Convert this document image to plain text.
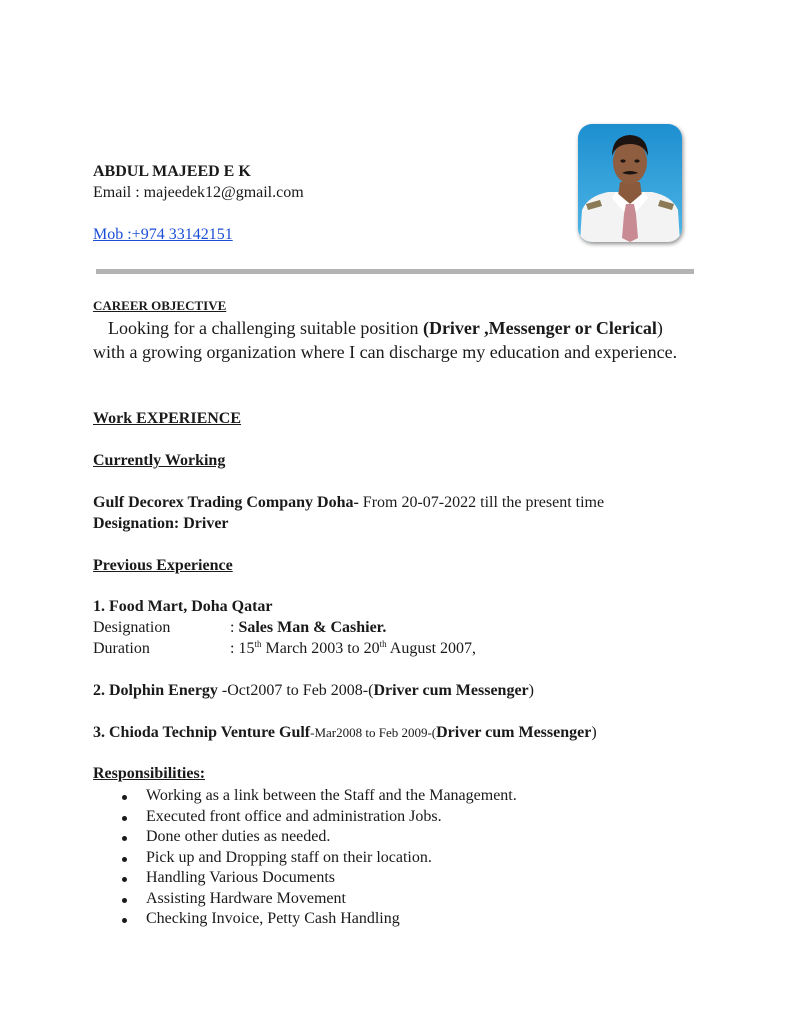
ABDUL MAJEED E K
Email : majeedek12@gmail.com
Mob :+974 33142151
CAREER OBJECTIVE
Looking for a challenging suitable position (Driver ,Messenger or Clerical) with a growing organization where I can discharge my education and experience.
Work EXPERIENCE
Currently Working
Gulf Decorex Trading Company Doha- From 20-07-2022 till the present time
Designation: Driver
Previous Experience
1. Food Mart, Doha Qatar
Designation	: Sales Man & Cashier.
Duration	: 15th March 2003 to 20th August 2007,
2. Dolphin Energy -Oct2007 to Feb 2008-(Driver cum Messenger)
3. Chioda Technip Venture Gulf-Mar2008 to Feb 2009-(Driver cum Messenger)
Responsibilities:
Working as a link between the Staff and the Management.
Executed front office and administration Jobs.
Done other duties as needed.
Pick up and Dropping staff on their location.
Handling Various Documents
Assisting Hardware Movement
Checking Invoice, Petty Cash Handling
